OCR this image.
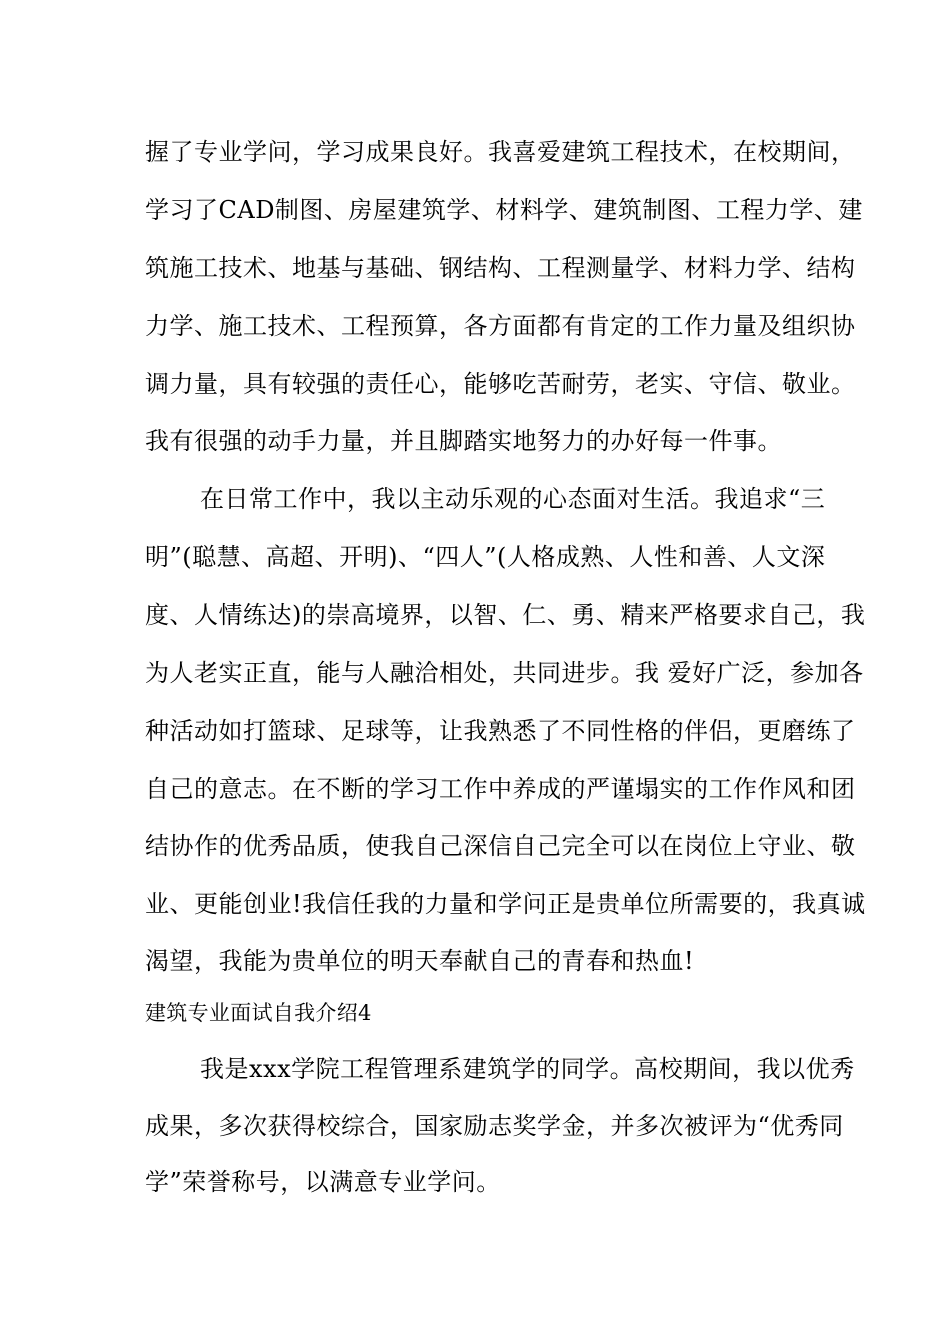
握了专业学问，学习成果良好。我喜爱建筑工程技术，在校期间，
学习了CAD制图、房屋建筑学、材料学、建筑制图、工程力学、建
筑施工技术、地基与基础、钢结构、工程测量学、材料力学、结构
力学、施工技术、工程预算，各方面都有肯定的工作力量及组织协
调力量，具有较强的责任心，能够吃苦耐劳，老实、守信、敬业。
我有很强的动手力量，并且脚踏实地努力的办好每一件事。
在日常工作中，我以主动乐观的心态面对生活。我追求“三
明”(聪慧、高超、开明)、“四人”(人格成熟、人性和善、人文深
度、人情练达)的崇高境界，以智、仁、勇、精来严格要求自己，我
为人老实正直，能与人融洽相处，共同进步。我 爱好广泛，参加各
种活动如打篮球、足球等，让我熟悉了不同性格的伴侣，更磨练了
自己的意志。在不断的学习工作中养成的严谨塌实的工作作风和团
结协作的优秀品质，使我自己深信自己完全可以在岗位上守业、敬
业、更能创业!我信任我的力量和学问正是贵单位所需要的，我真诚
渴望，我能为贵单位的明天奉献自己的青春和热血!
建筑专业面试自我介绍4
我是xxx学院工程管理系建筑学的同学。高校期间，我以优秀
成果，多次获得校综合，国家励志奖学金，并多次被评为“优秀同
学”荣誉称号，以满意专业学问。
